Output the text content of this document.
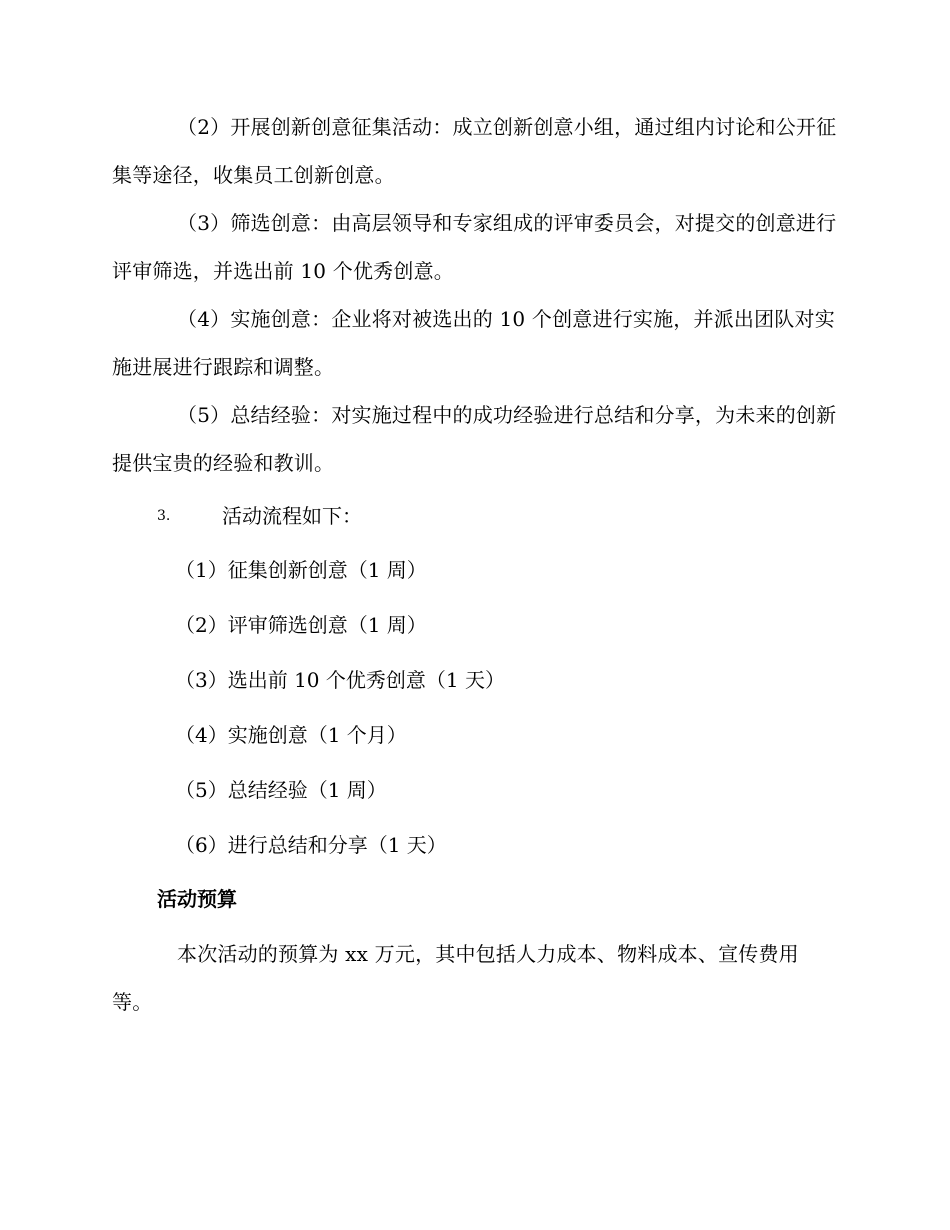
（2）开展创新创意征集活动：成立创新创意小组，通过组内讨论和公开征集等途径，收集员工创新创意。

（3）筛选创意：由高层领导和专家组成的评审委员会，对提交的创意进行评审筛选，并选出前 10 个优秀创意。

（4）实施创意：企业将对被选出的 10 个创意进行实施，并派出团队对实施进展进行跟踪和调整。

（5）总结经验：对实施过程中的成功经验进行总结和分享，为未来的创新提供宝贵的经验和教训。

3.	活动流程如下：

（1）征集创新创意（1 周）

（2）评审筛选创意（1 周）

（3）选出前 10 个优秀创意（1 天）

（4）实施创意（1 个月）

（5）总结经验（1 周）

（6）进行总结和分享（1 天）

活动预算

本次活动的预算为 xx 万元，其中包括人力成本、物料成本、宣传费用等。
